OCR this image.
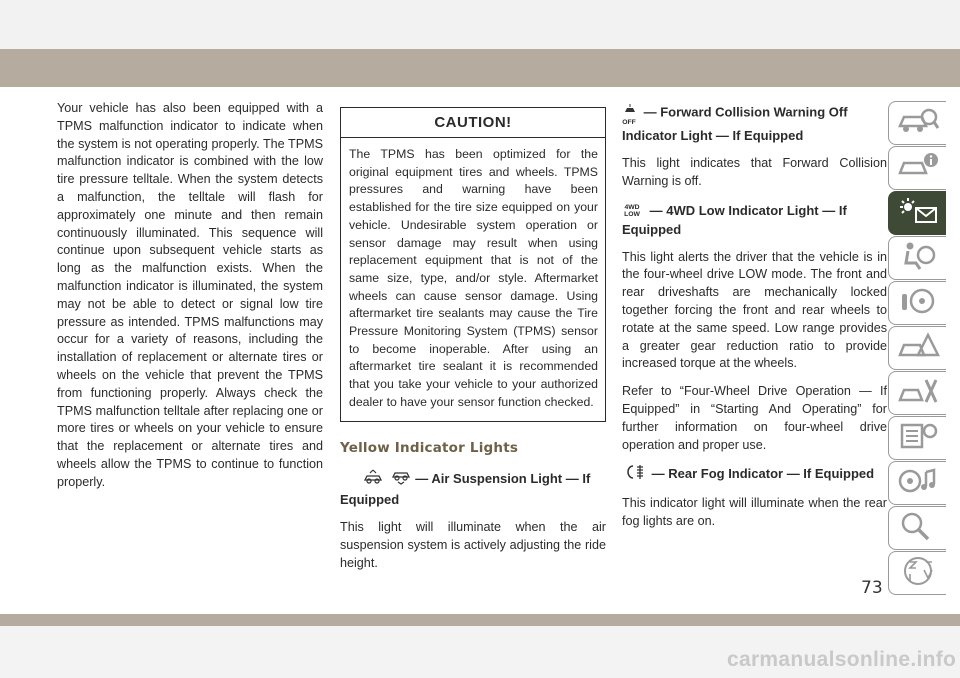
Your vehicle has also been equipped with a TPMS malfunction indicator to indicate when the system is not operating properly. The TPMS malfunction indicator is combined with the low tire pressure telltale. When the system detects a malfunction, the telltale will flash for approximately one minute and then remain continuously illuminated. This sequence will continue upon subsequent vehicle starts as long as the malfunction exists. When the malfunction indicator is illuminated, the system may not be able to detect or signal low tire pressure as intended. TPMS malfunctions may occur for a variety of reasons, including the installation of replacement or alternate tires or wheels on the vehicle that prevent the TPMS from functioning properly. Always check the TPMS malfunction telltale after replacing one or more tires or wheels on your vehicle to ensure that the replacement or alternate tires and wheels allow the TPMS to continue to function properly.

CAUTION!
The TPMS has been optimized for the original equipment tires and wheels. TPMS pressures and warning have been established for the tire size equipped on your vehicle. Undesirable system operation or sensor damage may result when using replacement equipment that is not of the same size, type, and/or style. Aftermarket wheels can cause sensor damage. Using aftermarket tire sealants may cause the Tire Pressure Monitoring System (TPMS) sensor to become inoperable. After using an aftermarket tire sealant it is recommended that you take your vehicle to your authorized dealer to have your sensor function checked.
Yellow Indicator Lights
— Air Suspension Light — If Equipped

This light will illuminate when the air suspension system is actively adjusting the ride height.

OFF
— Forward Collision Warning Off Indicator Light — If Equipped

This light indicates that Forward Collision Warning is off.

4WD
LOW — 4WD Low Indicator Light — If Equipped

This light alerts the driver that the vehicle is in the four-wheel drive LOW mode. The front and rear driveshafts are mechanically locked together forcing the front and rear wheels to rotate at the same speed. Low range provides a greater gear reduction ratio to provide increased torque at the wheels.

Refer to “Four-Wheel Drive Operation — If Equipped” in “Starting And Operating” for further information on four-wheel drive operation and proper use.

— Rear Fog Indicator — If Equipped

This indicator light will illuminate when the rear fog lights are on.

73
carmanualsonline.info
